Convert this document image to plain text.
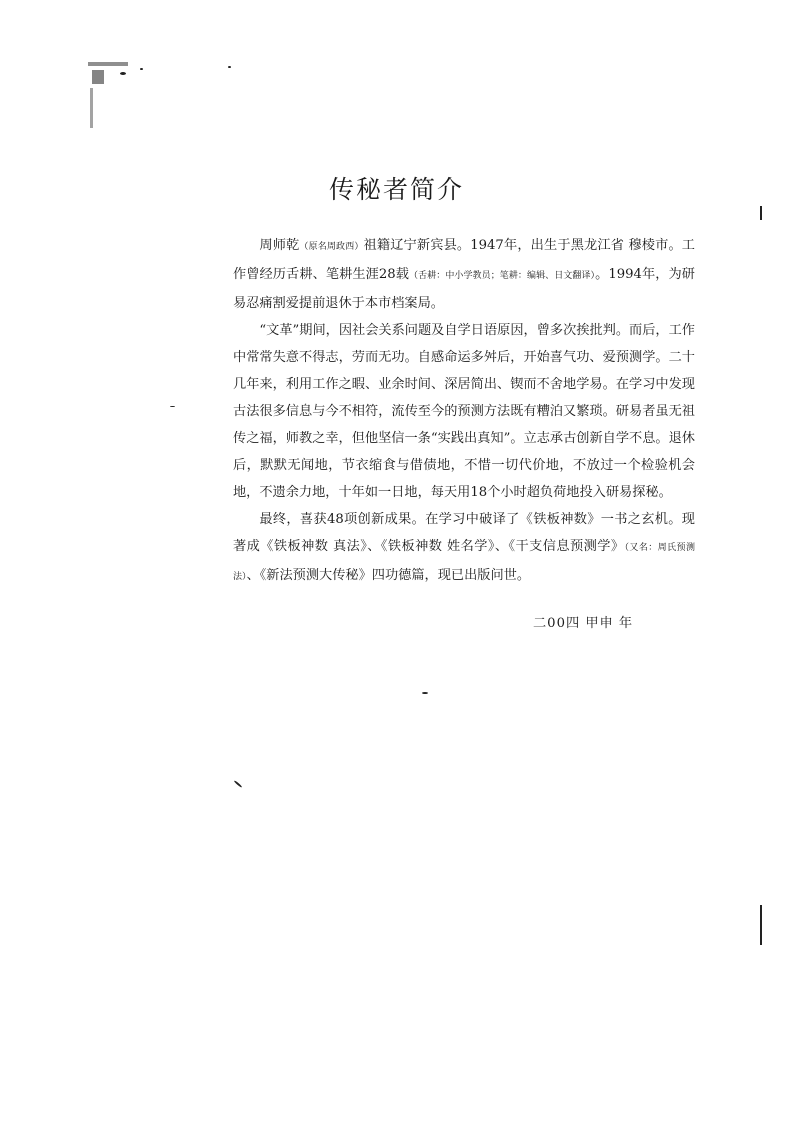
传秘者简介

周师乾（原名周政西）祖籍辽宁新宾县。1947年，出生于黑龙江省 穆棱市。工作曾经历舌耕、笔耕生涯28载（舌耕：中小学教员；笔耕：编辑、日文翻译）。1994年，为研易忍痛割爱提前退休于本市档案局。

“文革”期间，因社会关系问题及自学日语原因，曾多次挨批判。而后，工作中常常失意不得志，劳而无功。自感命运多舛后，开始喜气功、爱预测学。二十几年来，利用工作之暇、业余时间、深居简出、锲而不舍地学易。在学习中发现古法很多信息与今不相符，流传至今的预测方法既有糟泊又繁琐。研易者虽无祖传之福，师教之幸，但他坚信一条“实践出真知”。立志承古创新自学不息。退休后，默默无闻地，节衣缩食与借债地，不惜一切代价地，不放过一个检验机会地，不遗余力地，十年如一日地，每天用18个小时超负荷地投入研易探秘。

最终，喜获48项创新成果。在学习中破译了《铁板神数》一书之玄机。现著成《铁板神数 真法》、《铁板神数 姓名学》、《干支信息预测学》（又名：周氏预测法）、《新法预测大传秘》四功德篇，现已出版问世。

二00四 甲申 年
